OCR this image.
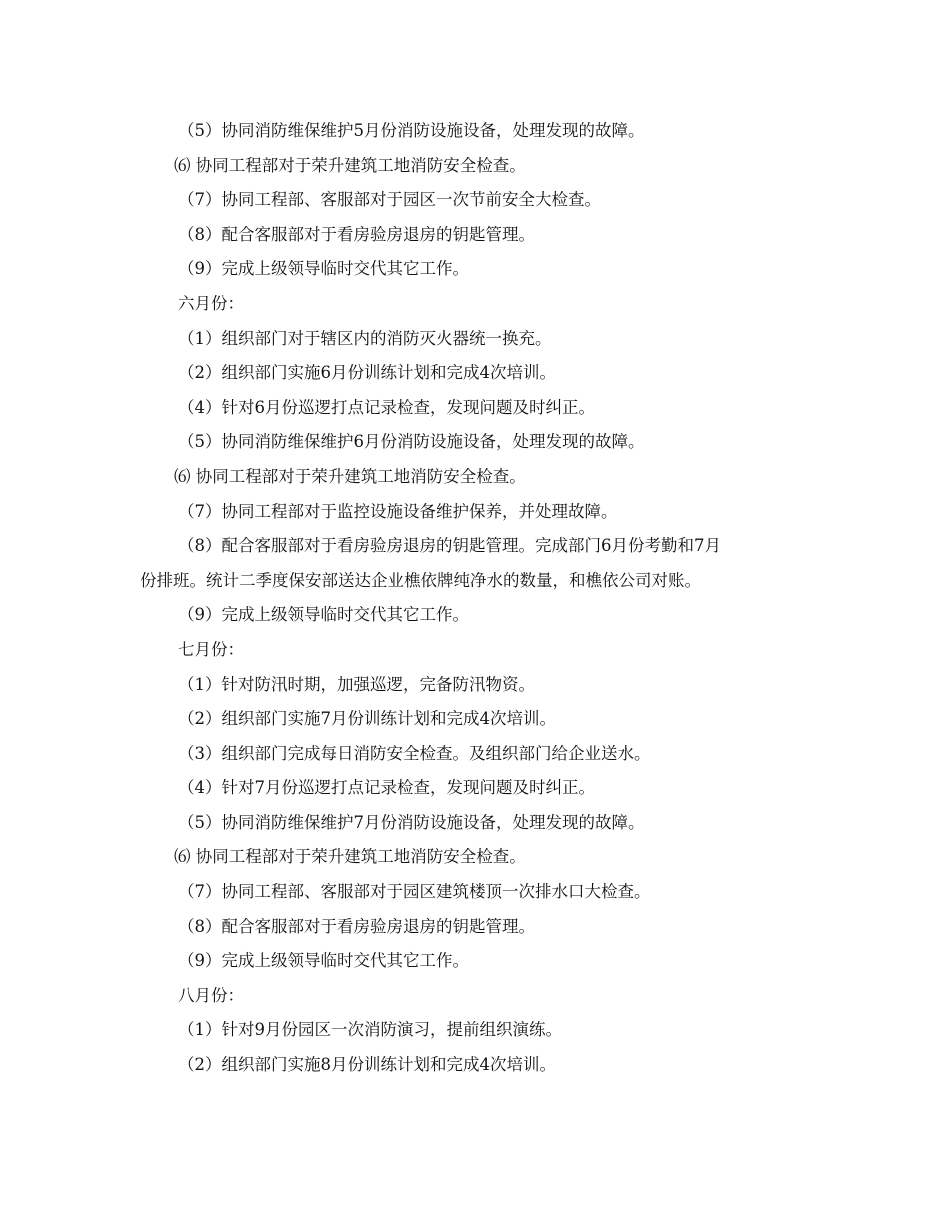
（5）协同消防维保维护5月份消防设施设备，处理发现的故障。
⑹ 协同工程部对于荣升建筑工地消防安全检查。
（7）协同工程部、客服部对于园区一次节前安全大检查。
（8）配合客服部对于看房验房退房的钥匙管理。
（9）完成上级领导临时交代其它工作。
六月份：
（1）组织部门对于辖区内的消防灭火器统一换充。
（2）组织部门实施6月份训练计划和完成4次培训。
（4）针对6月份巡逻打点记录检查，发现问题及时纠正。
（5）协同消防维保维护6月份消防设施设备，处理发现的故障。
⑹ 协同工程部对于荣升建筑工地消防安全检查。
（7）协同工程部对于监控设施设备维护保养，并处理故障。
（8）配合客服部对于看房验房退房的钥匙管理。完成部门6月份考勤和7月
份排班。统计二季度保安部送达企业樵依牌纯净水的数量，和樵依公司对账。
（9）完成上级领导临时交代其它工作。
七月份：
（1）针对防汛时期，加强巡逻，完备防汛物资。
（2）组织部门实施7月份训练计划和完成4次培训。
（3）组织部门完成每日消防安全检查。及组织部门给企业送水。
（4）针对7月份巡逻打点记录检查，发现问题及时纠正。
（5）协同消防维保维护7月份消防设施设备，处理发现的故障。
⑹ 协同工程部对于荣升建筑工地消防安全检查。
（7）协同工程部、客服部对于园区建筑楼顶一次排水口大检查。
（8）配合客服部对于看房验房退房的钥匙管理。
（9）完成上级领导临时交代其它工作。
八月份：
（1）针对9月份园区一次消防演习，提前组织演练。
（2）组织部门实施8月份训练计划和完成4次培训。
